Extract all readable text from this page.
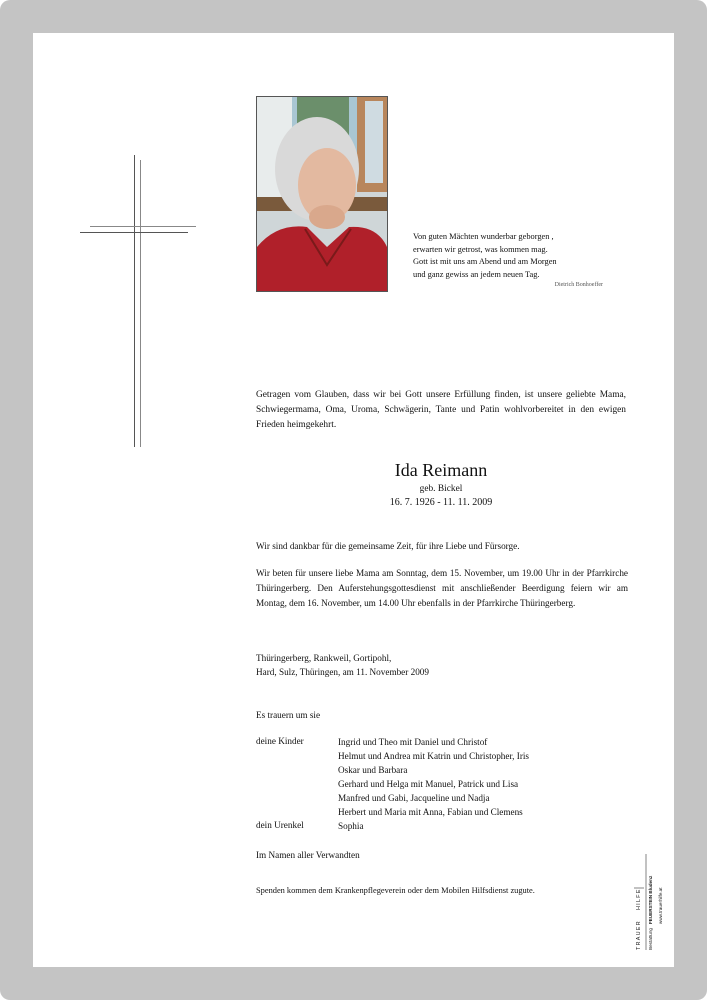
Von guten Mächten wunderbar geborgen ,
erwarten wir getrost, was kommen mag.
Gott ist mit uns am Abend und am Morgen
und ganz gewiss an jedem neuen Tag.
Dietrich Bonhoeffer
Getragen vom Glauben, dass wir bei Gott unsere Erfüllung finden, ist unsere geliebte Mama, Schwiegermama, Oma, Uroma, Schwägerin, Tante und Patin wohlvorbereitet in den ewigen Frieden heimgekehrt.
Ida Reimann
geb. Bickel
16. 7. 1926 - 11. 11. 2009
Wir sind dankbar für die gemeinsame Zeit, für ihre Liebe und Fürsorge.
Wir beten für unsere liebe Mama am Sonntag, dem 15. November, um 19.00 Uhr in der Pfarrkirche Thüringerberg. Den Auferstehungsgottesdienst mit anschließender Beerdigung feiern wir am Montag, dem 16. November, um 14.00 Uhr ebenfalls in der Pfarrkirche Thüringerberg.
Thüringerberg, Rankweil, Gortipohl,
Hard, Sulz, Thüringen, am 11. November 2009
Es trauern um sie
deine Kinder	Ingrid und Theo mit Daniel und Christof
Helmut und Andrea mit Katrin und Christopher, Iris
Oskar und Barbara
Gerhard und Helga mit Manuel, Patrick und Lisa
Manfred und Gabi, Jacqueline und Nadja
Herbert und Maria mit Anna, Fabian und Clemens
dein Urenkel	Sophia
Im Namen aller Verwandten
Spenden kommen dem Krankenpflegeverein oder dem Mobilen Hilfsdienst zugute.
TRAUER
HILFE
Bestattung
FEUERSTEIN Bludenz www.trauerhilfe.at
